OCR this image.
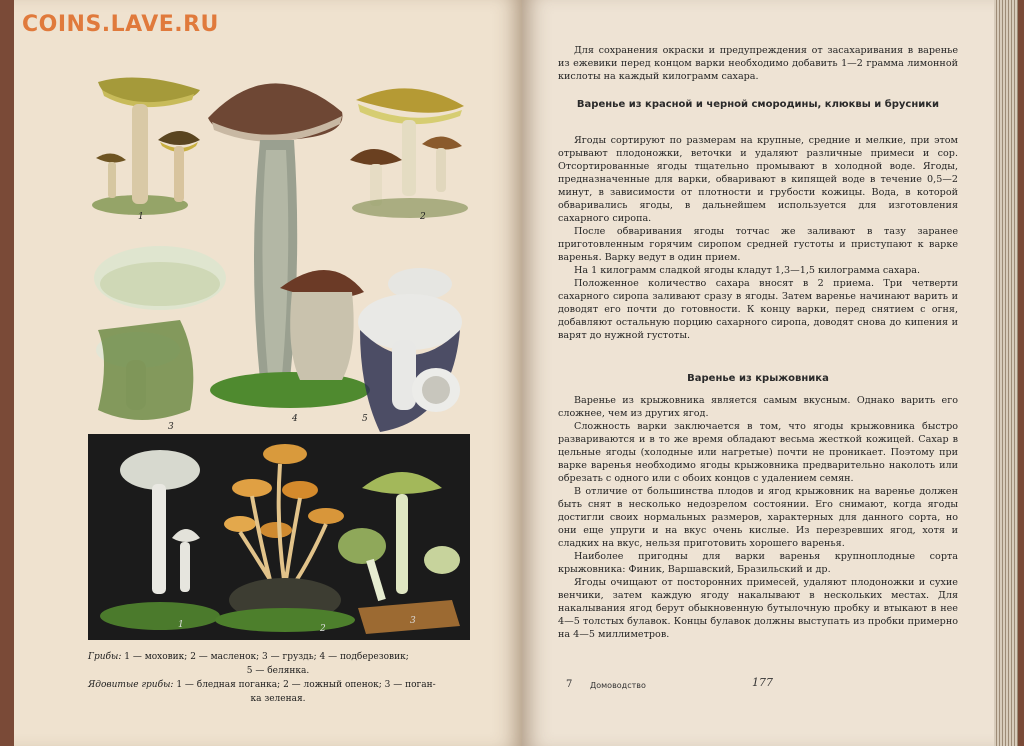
COINS.LAVE.RU
1	2
3
4	5
1	2
3
Грибы: 1 — моховик; 2 — масленок; 3 — груздь; 4 — подберезовик;
5 — белянка.
Ядовитые грибы: 1 — бледная поганка; 2 — ложный опенок; 3 — поган-
ка зеленая.

Для сохранения окраски и предупреждения от засахаривания в варенье из ежевики перед концом варки необходимо добавить 1—2 грамма лимонной кислоты на каждый килограмм сахара.

Варенье из красной и черной смородины, клюквы и брусники

Ягоды сортируют по размерам на крупные, средние и мелкие, при этом отрывают плодоножки, веточки и удаляют различные примеси и сор. Отсортированные ягоды тщательно промывают в холодной воде. Ягоды, предназначенные для варки, обваривают в кипящей воде в течение 0,5—2 минут, в зависимости от плотности и грубости кожицы. Вода, в которой обваривались ягоды, в дальнейшем используется для изготовления сахарного сиропа.

После обваривания ягоды тотчас же заливают в тазу заранее приготовленным горячим сиропом средней густоты и приступают к варке варенья. Варку ведут в один прием.

На 1 килограмм сладкой ягоды кладут 1,3—1,5 килограмма сахара.

Положенное количество сахара вносят в 2 приема. Три четверти сахарного сиропа заливают сразу в ягоды. Затем варенье начинают варить и доводят его почти до готовности. К концу варки, перед снятием с огня, добавляют остальную порцию сахарного сиропа, доводят снова до кипения и варят до нужной густоты.

Варенье из крыжовника

Варенье из крыжовника является самым вкусным. Однако варить его сложнее, чем из других ягод.

Сложность варки заключается в том, что ягоды крыжовника быстро развариваются и в то же время обладают весьма жесткой кожицей. Сахар в цельные ягоды (холодные или нагретые) почти не проникает. Поэтому при варке варенья необходимо ягоды крыжовника предварительно наколоть или обрезать с одного или с обоих концов с удалением семян.

В отличие от большинства плодов и ягод крыжовник на варенье должен быть снят в несколько недозрелом состоянии. Его снимают, когда ягоды достигли своих нормальных размеров, характерных для данного сорта, но они еще упруги и на вкус очень кислые. Из перезревших ягод, хотя и сладких на вкус, нельзя приготовить хорошего варенья.

Наиболее пригодны для варки варенья крупноплодные сорта крыжовника: Финик, Варшавский, Бразильский и др.

Ягоды очищают от посторонних примесей, удаляют плодоножки и сухие венчики, затем каждую ягоду накалывают в нескольких местах. Для накалывания ягод берут обыкновенную бутылочную пробку и втыкают в нее 4—5 толстых булавок. Концы булавок должны выступать из пробки примерно на 4—5 миллиметров.

7 Домоводство	177
